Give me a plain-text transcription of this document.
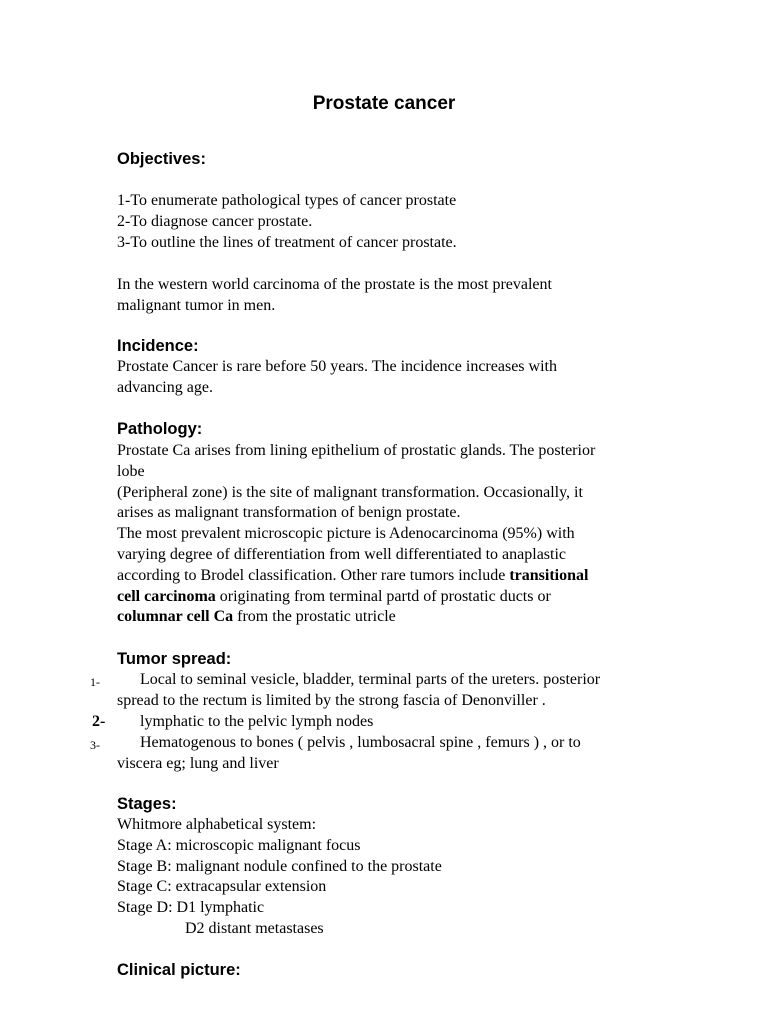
Prostate cancer
Objectives:
1-To enumerate pathological types of cancer prostate
2-To diagnose cancer prostate.
3-To outline the lines of treatment of cancer prostate.
In the western world carcinoma of the prostate is the most prevalent
malignant tumor in men.
Incidence:
Prostate Cancer is rare before 50 years. The incidence increases with
advancing age.
Pathology:
Prostate Ca arises from lining epithelium of prostatic glands. The posterior
lobe
(Peripheral zone) is the site of malignant transformation. Occasionally, it
arises as malignant transformation of benign prostate.
The most prevalent microscopic picture is Adenocarcinoma (95%) with
varying degree of differentiation from well differentiated to anaplastic
according to Brodel classification. Other rare tumors include transitional
cell carcinoma originating from terminal partd of prostatic ducts or
columnar cell Ca from the prostatic utricle
Tumor spread:
1-	Local to seminal vesicle, bladder, terminal parts of the ureters. posterior
spread to the rectum is limited by the strong fascia of Denonviller .
2- lymphatic to the pelvic lymph nodes
3-	Hematogenous to bones ( pelvis , lumbosacral spine , femurs ) , or to
viscera eg; lung and liver
Stages:
Whitmore alphabetical system:
Stage A: microscopic malignant focus
Stage B: malignant nodule confined to the prostate
Stage C: extracapsular extension
Stage D: D1 lymphatic
D2 distant metastases
Clinical picture:
